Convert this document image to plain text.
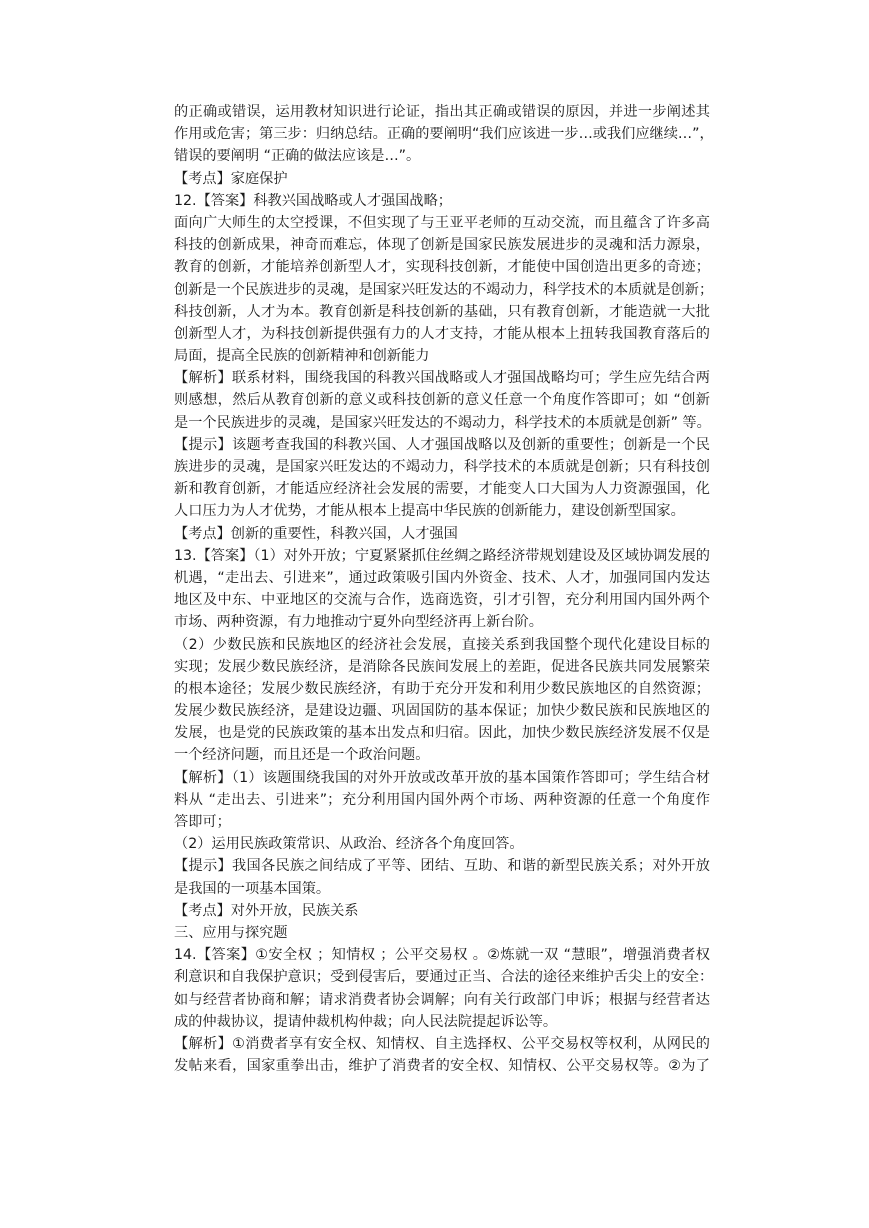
的正确或错误，运用教材知识进行论证，指出其正确或错误的原因，并进一步阐述其
作用或危害；第三步：归纳总结。正确的要阐明“我们应该进一步…或我们应继续…”，
错误的要阐明 “正确的做法应该是…”。
【考点】家庭保护
12.【答案】科教兴国战略或人才强国战略；
面向广大师生的太空授课，不但实现了与王亚平老师的互动交流，而且蕴含了许多高
科技的创新成果，神奇而难忘，体现了创新是国家民族发展进步的灵魂和活力源泉，
教育的创新，才能培养创新型人才，实现科技创新，才能使中国创造出更多的奇迹；
创新是一个民族进步的灵魂，是国家兴旺发达的不竭动力，科学技术的本质就是创新；
科技创新，人才为本。教育创新是科技创新的基础，只有教育创新，才能造就一大批
创新型人才，为科技创新提供强有力的人才支持，才能从根本上扭转我国教育落后的
局面，提高全民族的创新精神和创新能力
【解析】联系材料，围绕我国的科教兴国战略或人才强国战略均可；学生应先结合两
则感想，然后从教育创新的意义或科技创新的意义任意一个角度作答即可；如 “创新
是一个民族进步的灵魂，是国家兴旺发达的不竭动力，科学技术的本质就是创新” 等。
【提示】该题考查我国的科教兴国、人才强国战略以及创新的重要性；创新是一个民
族进步的灵魂，是国家兴旺发达的不竭动力，科学技术的本质就是创新；只有科技创
新和教育创新，才能适应经济社会发展的需要，才能变人口大国为人力资源强国，化
人口压力为人才优势，才能从根本上提高中华民族的创新能力，建设创新型国家。
【考点】创新的重要性，科教兴国，人才强国
13.【答案】（1）对外开放；宁夏紧紧抓住丝绸之路经济带规划建设及区域协调发展的
机遇，“走出去、引进来”，通过政策吸引国内外资金、技术、人才，加强同国内发达
地区及中东、中亚地区的交流与合作，选商选资，引才引智，充分利用国内国外两个
市场、两种资源，有力地推动宁夏外向型经济再上新台阶。
（2）少数民族和民族地区的经济社会发展，直接关系到我国整个现代化建设目标的
实现；发展少数民族经济，是消除各民族间发展上的差距，促进各民族共同发展繁荣
的根本途径；发展少数民族经济，有助于充分开发和利用少数民族地区的自然资源；
发展少数民族经济，是建设边疆、巩固国防的基本保证；加快少数民族和民族地区的
发展，也是党的民族政策的基本出发点和归宿。因此，加快少数民族经济发展不仅是
一个经济问题，而且还是一个政治问题。
【解析】（1）该题围绕我国的对外开放或改革开放的基本国策作答即可；学生结合材
料从 “走出去、引进来”；充分利用国内国外两个市场、两种资源的任意一个角度作
答即可；
（2）运用民族政策常识、从政治、经济各个角度回答。
【提示】我国各民族之间结成了平等、团结、互助、和谐的新型民族关系；对外开放
是我国的一项基本国策。
【考点】对外开放，民族关系
三、应用与探究题
14.【答案】①安全权 ；知情权 ；公平交易权 。②炼就一双 “慧眼”，增强消费者权
利意识和自我保护意识；受到侵害后，要通过正当、合法的途径来维护舌尖上的安全：
如与经营者协商和解；请求消费者协会调解；向有关行政部门申诉；根据与经营者达
成的仲裁协议，提请仲裁机构仲裁；向人民法院提起诉讼等。
【解析】①消费者享有安全权、知情权、自主选择权、公平交易权等权利，从网民的
发帖来看，国家重拳出击，维护了消费者的安全权、知情权、公平交易权等。②为了
